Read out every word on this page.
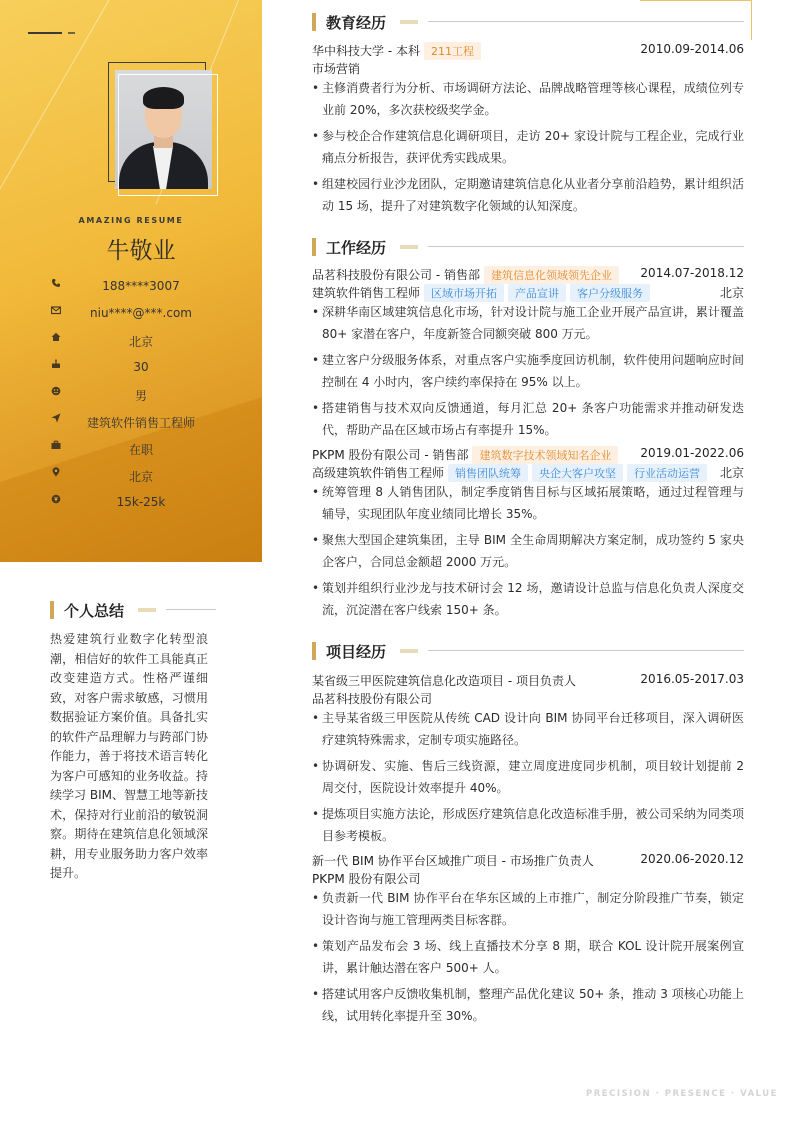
AMAZING RESUME
牛敬业
188****3007
niu****@***.com
北京
30
男
建筑软件销售工程师
在职
北京
15k-25k
个人总结
热爱建筑行业数字化转型浪潮，相信好的软件工具能真正改变建造方式。性格严谨细致，对客户需求敏感，习惯用数据验证方案价值。具备扎实的软件产品理解力与跨部门协作能力，善于将技术语言转化为客户可感知的业务收益。持续学习 BIM、智慧工地等新技术，保持对行业前沿的敏锐洞察。期待在建筑信息化领域深耕，用专业服务助力客户效率提升。
教育经历
华中科技大学 - 本科 211工程	2010.09-2014.06
市场营销
• 主修消费者行为分析、市场调研方法论、品牌战略管理等核心课程，成绩位列专业前 20%，多次获校级奖学金。
• 参与校企合作建筑信息化调研项目，走访 20+ 家设计院与工程企业，完成行业痛点分析报告，获评优秀实践成果。
• 组建校园行业沙龙团队，定期邀请建筑信息化从业者分享前沿趋势，累计组织活动 15 场，提升了对建筑数字化领域的认知深度。
工作经历
品茗科技股份有限公司 - 销售部 建筑信息化领域领先企业	2014.07-2018.12
建筑软件销售工程师 区域市场开拓 产品宣讲 客户分级服务	北京
• 深耕华南区域建筑信息化市场，针对设计院与施工企业开展产品宣讲，累计覆盖 80+ 家潜在客户，年度新签合同额突破 800 万元。
• 建立客户分级服务体系，对重点客户实施季度回访机制，软件使用问题响应时间控制在 4 小时内，客户续约率保持在 95% 以上。
• 搭建销售与技术双向反馈通道，每月汇总 20+ 条客户功能需求并推动研发迭代，帮助产品在区域市场占有率提升 15%。
PKPM 股份有限公司 - 销售部 建筑数字技术领域知名企业	2019.01-2022.06
高级建筑软件销售工程师 销售团队统筹 央企大客户攻坚 行业活动运营	北京
• 统筹管理 8 人销售团队，制定季度销售目标与区域拓展策略，通过过程管理与辅导，实现团队年度业绩同比增长 35%。
• 聚焦大型国企建筑集团，主导 BIM 全生命周期解决方案定制，成功签约 5 家央企客户，合同总金额超 2000 万元。
• 策划并组织行业沙龙与技术研讨会 12 场，邀请设计总监与信息化负责人深度交流，沉淀潜在客户线索 150+ 条。
项目经历
某省级三甲医院建筑信息化改造项目 - 项目负责人	2016.05-2017.03
品茗科技股份有限公司
• 主导某省级三甲医院从传统 CAD 设计向 BIM 协同平台迁移项目，深入调研医疗建筑特殊需求，定制专项实施路径。
• 协调研发、实施、售后三线资源，建立周度进度同步机制，项目较计划提前 2 周交付，医院设计效率提升 40%。
• 提炼项目实施方法论，形成医疗建筑信息化改造标准手册，被公司采纳为同类项目参考模板。
新一代 BIM 协作平台区域推广项目 - 市场推广负责人	2020.06-2020.12
PKPM 股份有限公司
• 负责新一代 BIM 协作平台在华东区域的上市推广，制定分阶段推广节奏，锁定设计咨询与施工管理两类目标客群。
• 策划产品发布会 3 场、线上直播技术分享 8 期，联合 KOL 设计院开展案例宣讲，累计触达潜在客户 500+ 人。
• 搭建试用客户反馈收集机制，整理产品优化建议 50+ 条，推动 3 项核心功能上线，试用转化率提升至 30%。
PRECISION · PRESENCE · VALUE
